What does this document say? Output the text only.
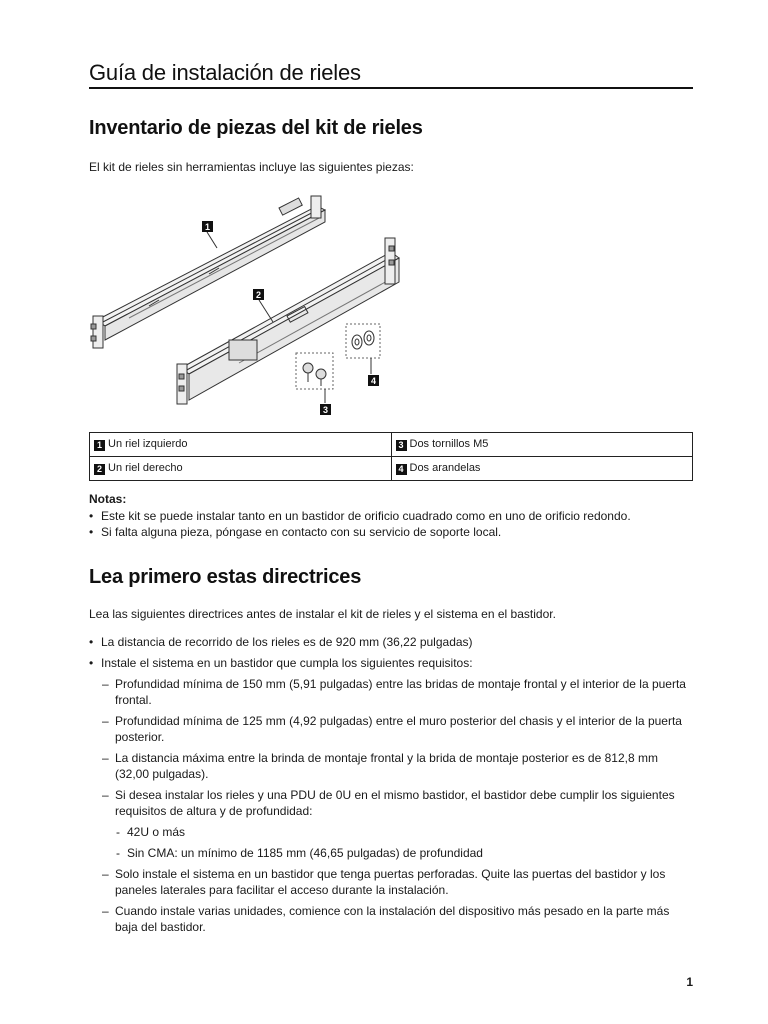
Guía de instalación de rieles
Inventario de piezas del kit de rieles

El kit de rieles sin herramientas incluye las siguientes piezas:

1
2
3
4
1 Un riel izquierdo	3 Dos tornillos M5
2 Un riel derecho	4 Dos arandelas
Notas:
• Este kit se puede instalar tanto en un bastidor de orificio cuadrado como en uno de orificio redondo.
• Si falta alguna pieza, póngase en contacto con su servicio de soporte local.
Lea primero estas directrices

Lea las siguientes directrices antes de instalar el kit de rieles y el sistema en el bastidor.

• La distancia de recorrido de los rieles es de 920 mm (36,22 pulgadas)
• Instale el sistema en un bastidor que cumpla los siguientes requisitos:
– Profundidad mínima de 150 mm (5,91 pulgadas) entre las bridas de montaje frontal y el interior de la puerta frontal.
– Profundidad mínima de 125 mm (4,92 pulgadas) entre el muro posterior del chasis y el interior de la puerta posterior.
– La distancia máxima entre la brinda de montaje frontal y la brida de montaje posterior es de 812,8 mm (32,00 pulgadas).
– Si desea instalar los rieles y una PDU de 0U en el mismo bastidor, el bastidor debe cumplir los siguientes requisitos de altura y de profundidad:
- 42U o más
- Sin CMA: un mínimo de 1185 mm (46,65 pulgadas) de profundidad
– Solo instale el sistema en un bastidor que tenga puertas perforadas. Quite las puertas del bastidor y los paneles laterales para facilitar el acceso durante la instalación.
– Cuando instale varias unidades, comience con la instalación del dispositivo más pesado en la parte más baja del bastidor.
1
